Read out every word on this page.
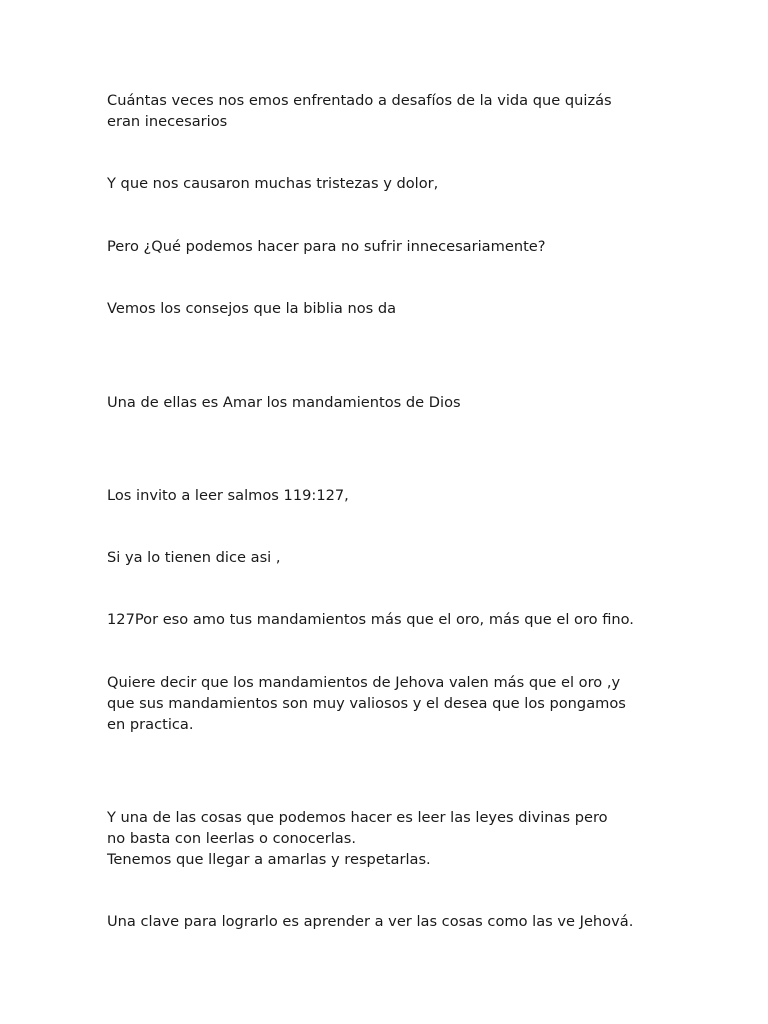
Cuántas veces nos emos enfrentado a desafíos de la vida que quizás
eran inecesarios

Y que nos causaron muchas tristezas y dolor,

Pero ¿Qué podemos hacer para no sufrir innecesariamente?

Vemos los consejos que la biblia nos da

Una de ellas es Amar los mandamientos de Dios

Los invito a leer salmos 119:127,

Si ya lo tienen dice asi ,

127Por eso amo tus mandamientos más que el oro, más que el oro fino.

Quiere decir que los mandamientos de Jehova valen más que el oro ,y
que sus mandamientos son muy valiosos y el desea que los pongamos
en practica.

Y una de las cosas que podemos hacer es leer las leyes divinas pero
no basta con leerlas o conocerlas.
Tenemos que llegar a amarlas y respetarlas.

Una clave para lograrlo es aprender a ver las cosas como las ve Jehová.
